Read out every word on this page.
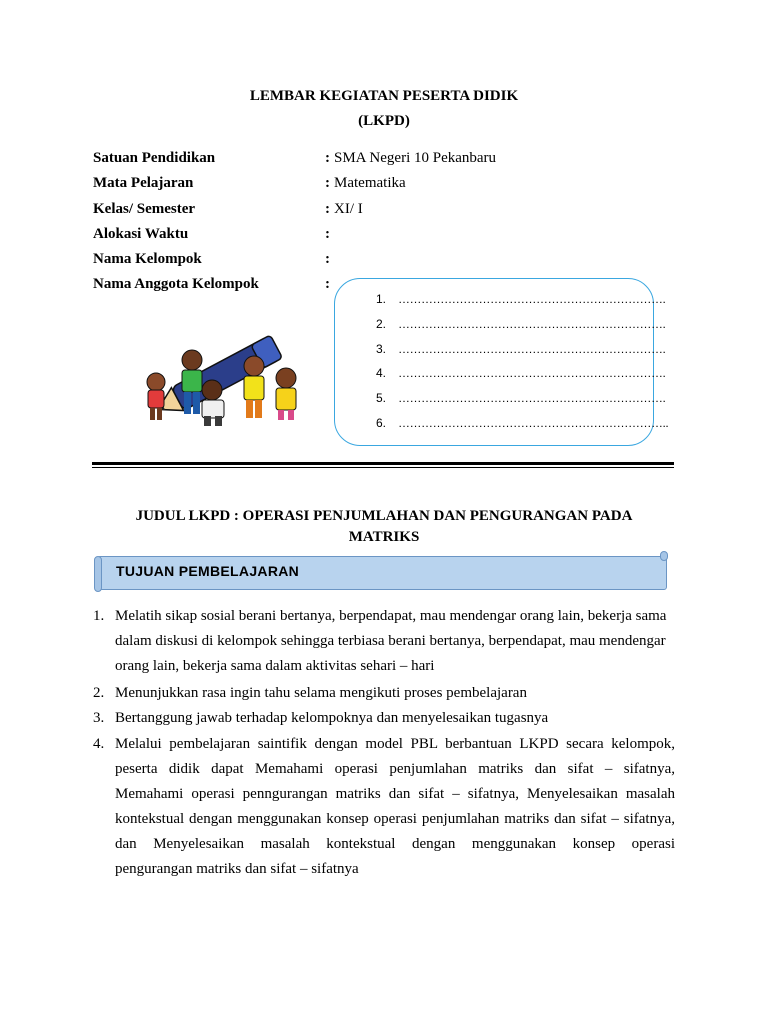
LEMBAR KEGIATAN PESERTA DIDIK
(LKPD)
Satuan Pendidikan	: SMA Negeri 10 Pekanbaru
Mata Pelajaran	: Matematika
Kelas/ Semester	: XI/ I
Alokasi Waktu	:
Nama Kelompok	:
Nama Anggota Kelompok	:
1. …………………………………………………………….
2. …………………………………………………………….
3. …………………………………………………………….
4. …………………………………………………………….
5. …………………………………………………………….
6. ……………………………………………………………..
JUDUL LKPD : OPERASI PENJUMLAHAN DAN PENGURANGAN PADA MATRIKS
TUJUAN PEMBELAJARAN
1. Melatih sikap sosial berani bertanya, berpendapat, mau mendengar orang lain, bekerja sama
dalam diskusi di kelompok sehingga terbiasa berani bertanya, berpendapat, mau mendengar
orang lain, bekerja sama dalam aktivitas sehari – hari
2. Menunjukkan rasa ingin tahu selama mengikuti proses pembelajaran
3. Bertanggung jawab terhadap kelompoknya dan menyelesaikan tugasnya
4. Melalui pembelajaran saintifik dengan model PBL berbantuan LKPD secara kelompok,
peserta didik dapat Memahami operasi penjumlahan matriks dan sifat – sifatnya,
Memahami operasi penngurangan matriks dan sifat – sifatnya, Menyelesaikan masalah
kontekstual dengan menggunakan konsep operasi penjumlahan matriks dan sifat – sifatnya,
dan Menyelesaikan masalah kontekstual dengan menggunakan konsep operasi
pengurangan matriks dan sifat – sifatnya
